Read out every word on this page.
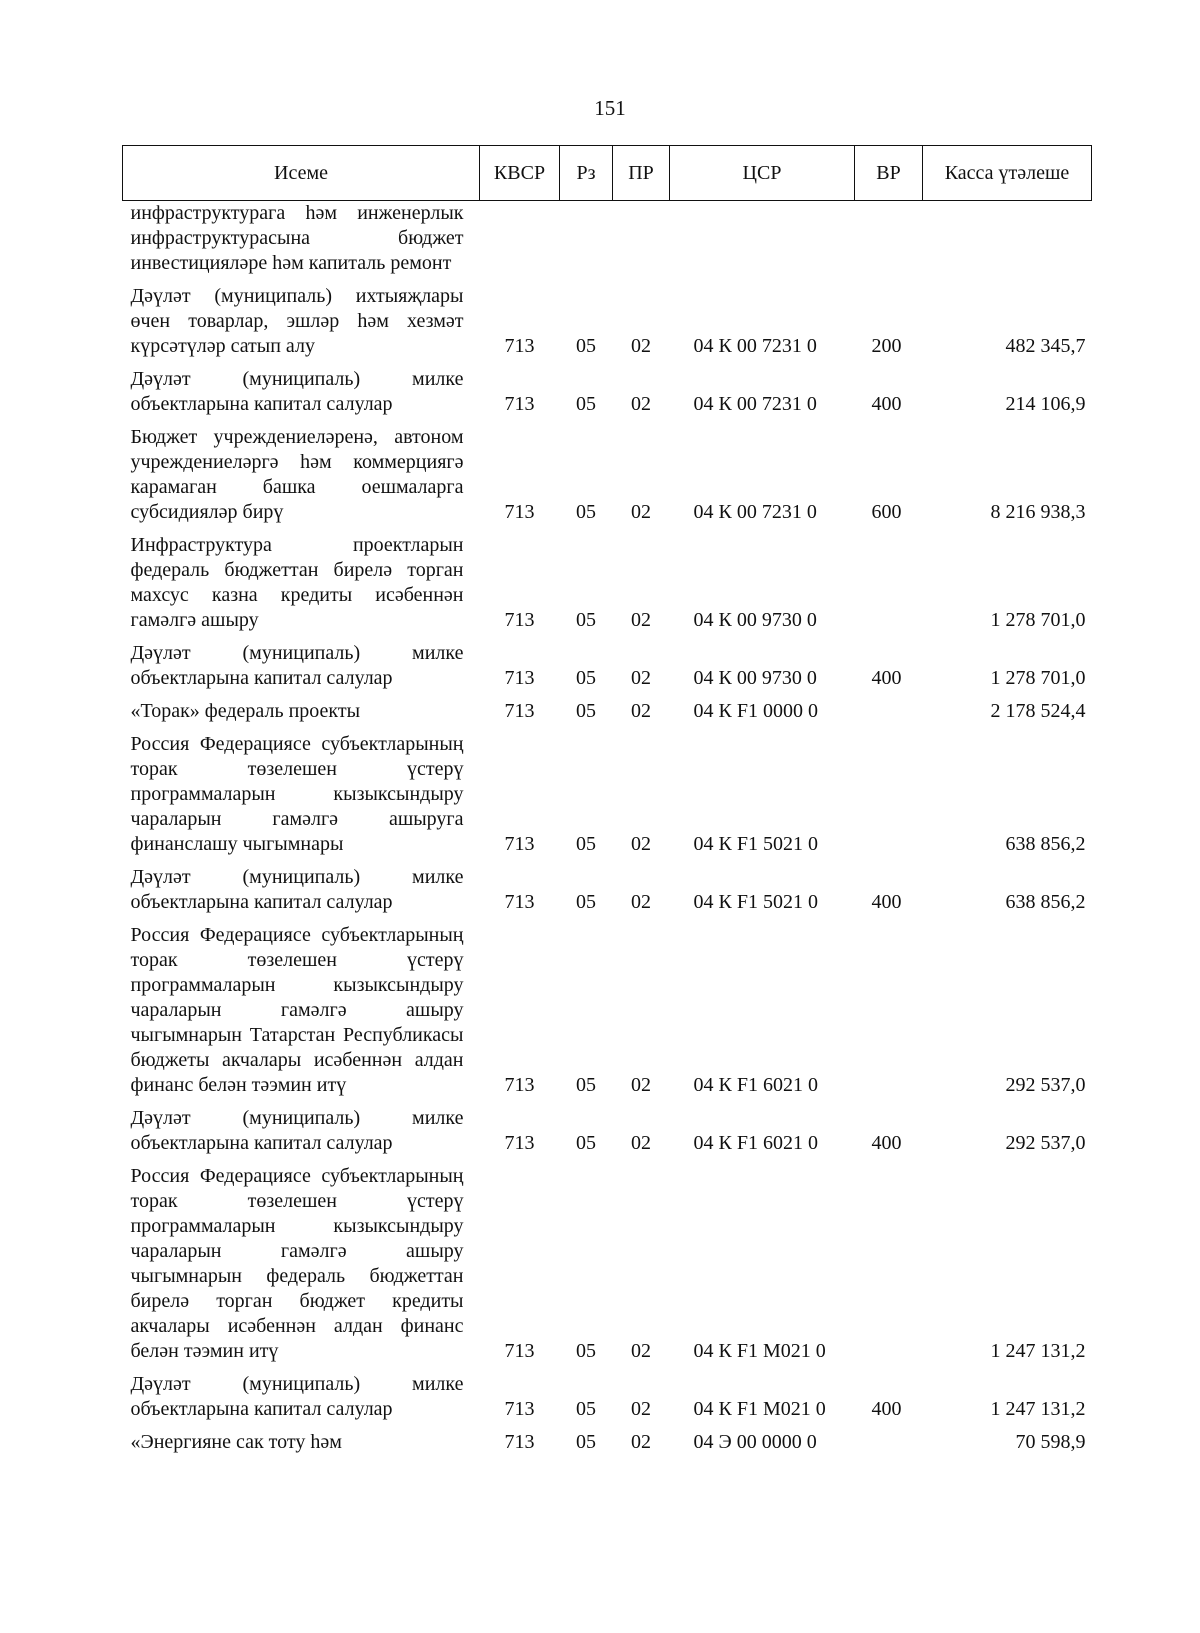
151
Исеме	КВСР	Рз	ПР	ЦСР	ВР	Касса үтәлеше
инфраструктурага һәм инженерлык инфраструктурасына бюджет инвестицияләре һәм капиталь ремонт						
Дәүләт (муниципаль) ихтыяҗлары өчен товарлар, эшләр һәм хезмәт күрсәтүләр сатып алу	713	05	02	04 К 00 7231 0	200	482 345,7
Дәүләт (муниципаль) милке объектларына капитал салулар	713	05	02	04 К 00 7231 0	400	214 106,9
Бюджет учреждениеләренә, автоном учреждениеләргә һәм коммерциягә карамаган башка оешмаларга субсидияләр бирү	713	05	02	04 К 00 7231 0	600	8 216 938,3
Инфраструктура проектларын федераль бюджеттан бирелә торган махсус казна кредиты исәбеннән гамәлгә ашыру	713	05	02	04 К 00 9730 0		1 278 701,0
Дәүләт (муниципаль) милке объектларына капитал салулар	713	05	02	04 К 00 9730 0	400	1 278 701,0
«Торак» федераль проекты	713	05	02	04 К F1 0000 0		2 178 524,4
Россия Федерациясе субъектларының торак төзелешен үстерү программаларын кызыксындыру чараларын гамәлгә ашыруга финанслашу чыгымнары	713	05	02	04 К F1 5021 0		638 856,2
Дәүләт (муниципаль) милке объектларына капитал салулар	713	05	02	04 К F1 5021 0	400	638 856,2
Россия Федерациясе субъектларының торак төзелешен үстерү программаларын кызыксындыру чараларын гамәлгә ашыру чыгымнарын Татарстан Республикасы бюджеты акчалары исәбеннән алдан финанс белән тәэмин итү	713	05	02	04 К F1 6021 0		292 537,0
Дәүләт (муниципаль) милке объектларына капитал салулар	713	05	02	04 К F1 6021 0	400	292 537,0
Россия Федерациясе субъектларының торак төзелешен үстерү программаларын кызыксындыру чараларын гамәлгә ашыру чыгымнарын федераль бюджеттан бирелә торган бюджет кредиты акчалары исәбеннән алдан финанс белән тәэмин итү	713	05	02	04 К F1 М021 0		1 247 131,2
Дәүләт (муниципаль) милке объектларына капитал салулар	713	05	02	04 К F1 М021 0	400	1 247 131,2
«Энергияне сак тоту һәм	713	05	02	04 Э 00 0000 0		70 598,9
